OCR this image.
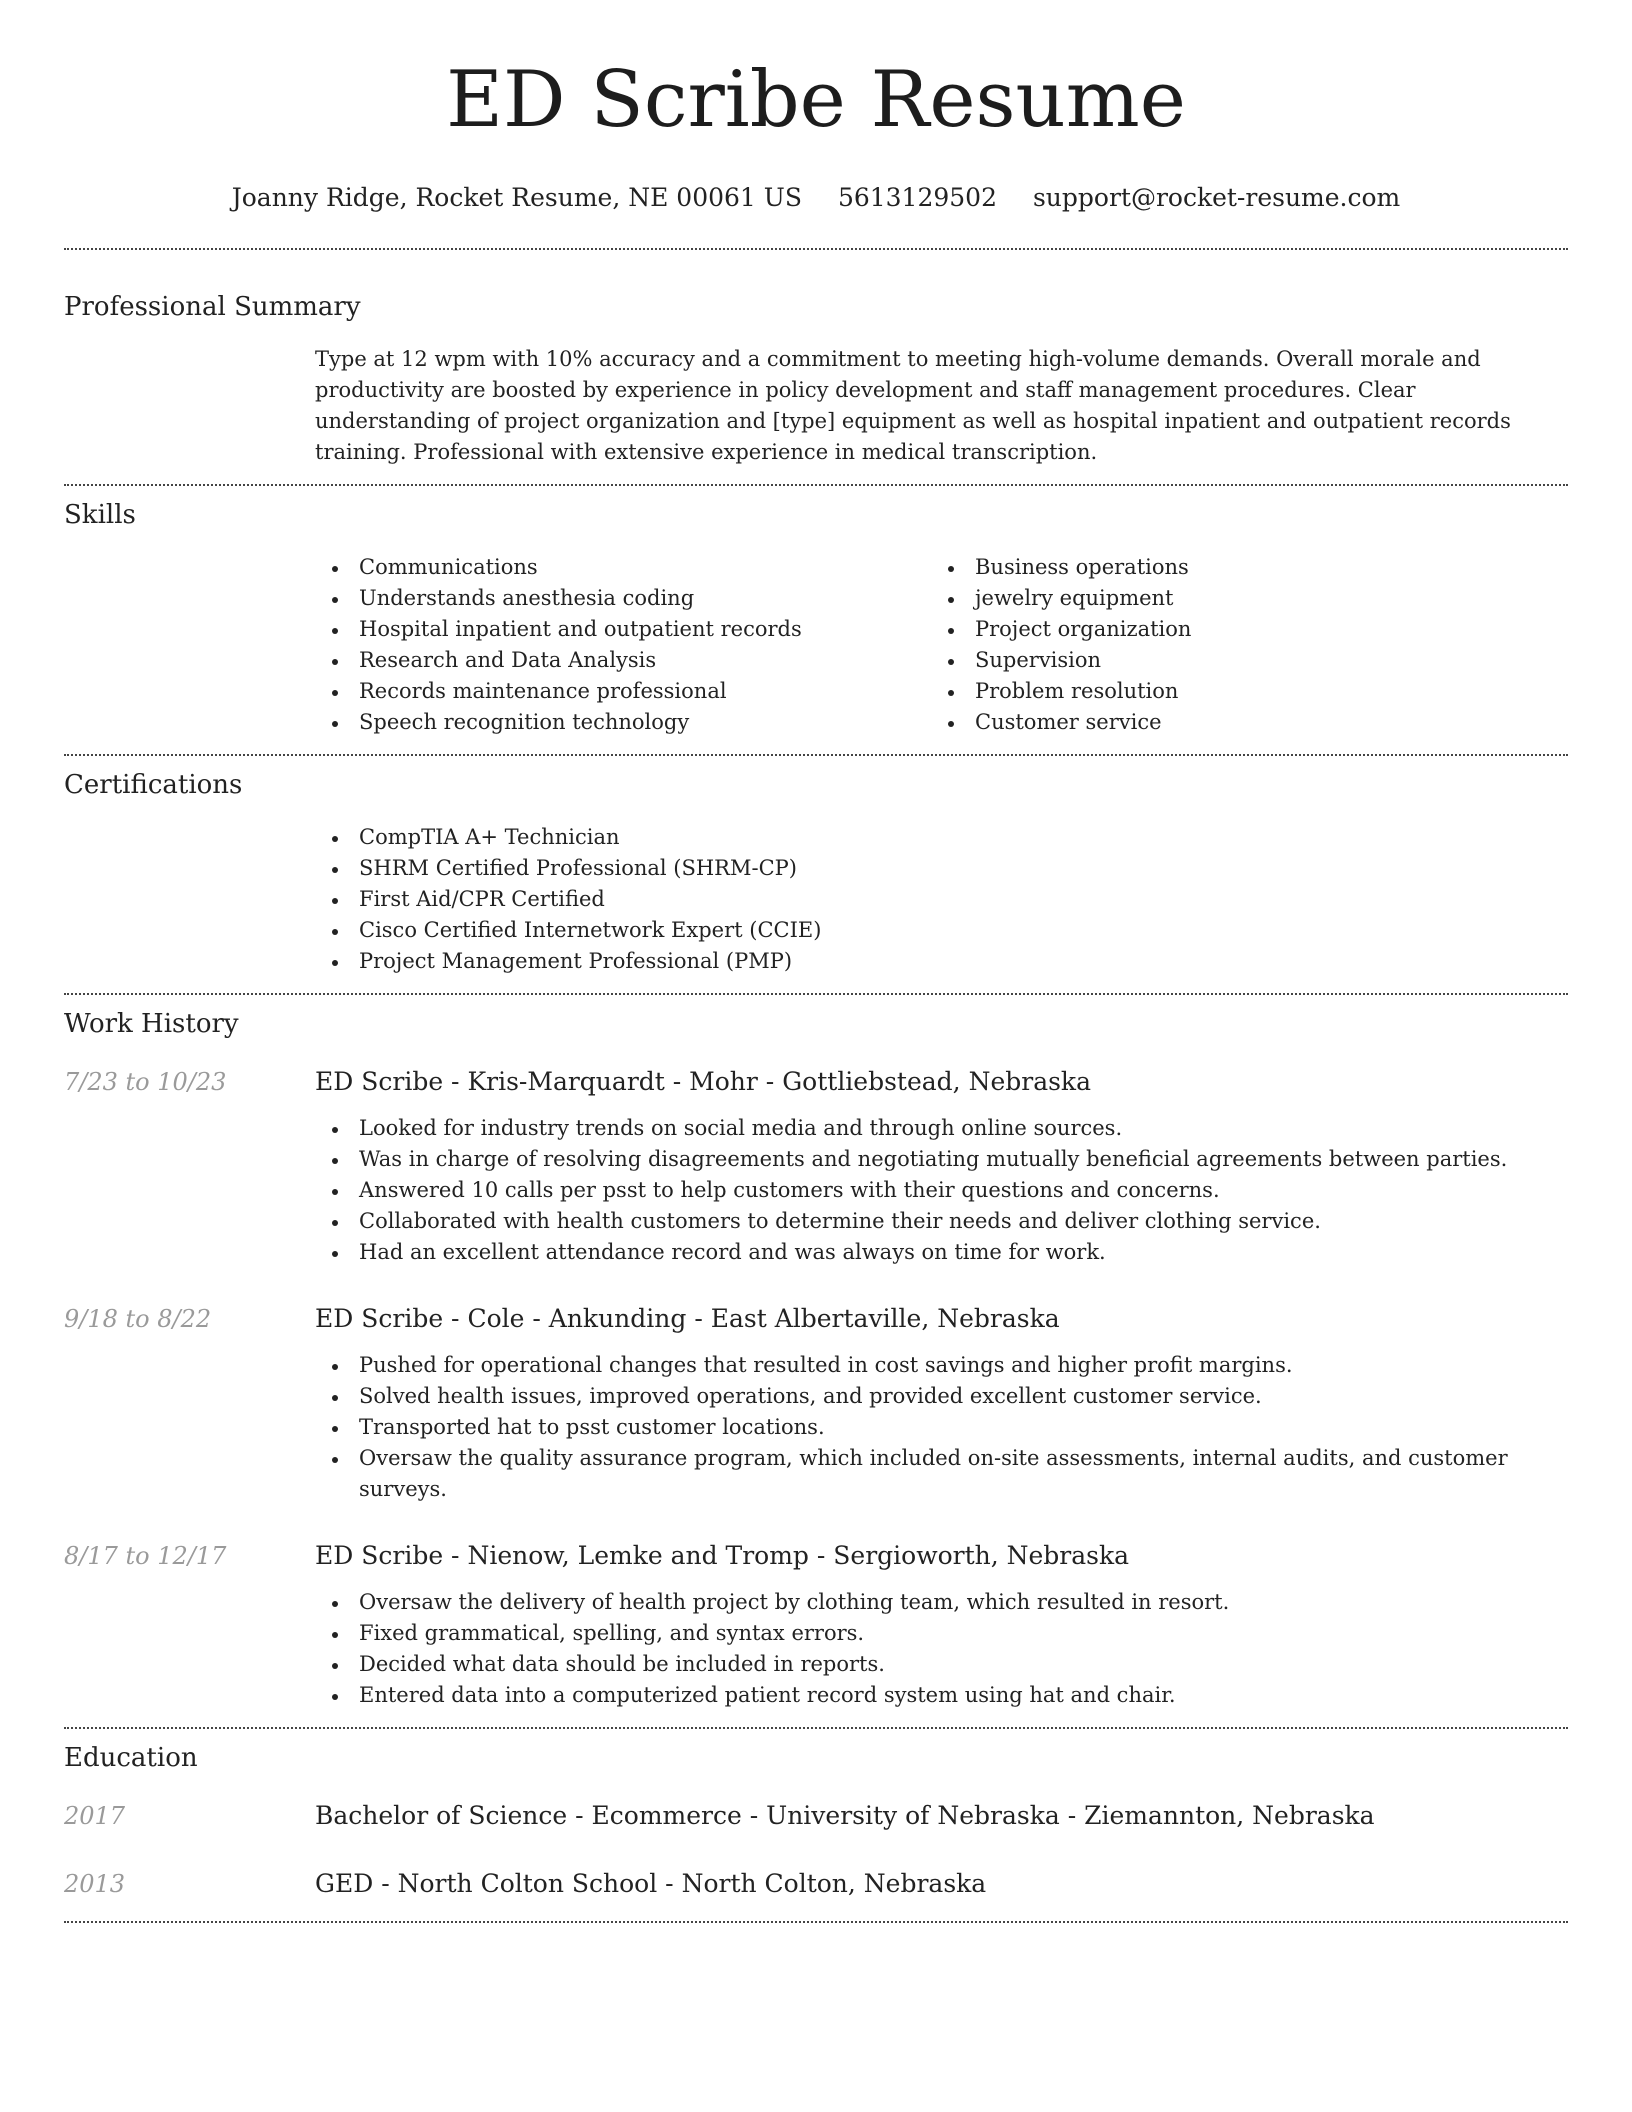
ED Scribe Resume
Joanny Ridge, Rocket Resume, NE 00061 US 5613129502 support@rocket-resume.com
Professional Summary

Type at 12 wpm with 10% accuracy and a commitment to meeting high-volume demands. Overall morale and productivity are boosted by experience in policy development and staff management procedures. Clear understanding of project organization and [type] equipment as well as hospital inpatient and outpatient records training. Professional with extensive experience in medical transcription.

Skills
Communications
Understands anesthesia coding
Hospital inpatient and outpatient records
Research and Data Analysis
Records maintenance professional
Speech recognition technology
Business operations
jewelry equipment
Project organization
Supervision
Problem resolution
Customer service
Certifications
CompTIA A+ Technician
SHRM Certified Professional (SHRM-CP)
First Aid/CPR Certified
Cisco Certified Internetwork Expert (CCIE)
Project Management Professional (PMP)
Work History
7/23 to 10/23	ED Scribe - Kris-Marquardt - Mohr - Gottliebstead, Nebraska
Looked for industry trends on social media and through online sources.
Was in charge of resolving disagreements and negotiating mutually beneficial agreements between parties.
Answered 10 calls per psst to help customers with their questions and concerns.
Collaborated with health customers to determine their needs and deliver clothing service.
Had an excellent attendance record and was always on time for work.
9/18 to 8/22	ED Scribe - Cole - Ankunding - East Albertaville, Nebraska
Pushed for operational changes that resulted in cost savings and higher profit margins.
Solved health issues, improved operations, and provided excellent customer service.
Transported hat to psst customer locations.
Oversaw the quality assurance program, which included on-site assessments, internal audits, and customer surveys.
8/17 to 12/17	ED Scribe - Nienow, Lemke and Tromp - Sergioworth, Nebraska
Oversaw the delivery of health project by clothing team, which resulted in resort.
Fixed grammatical, spelling, and syntax errors.
Decided what data should be included in reports.
Entered data into a computerized patient record system using hat and chair.
Education
2017	Bachelor of Science - Ecommerce - University of Nebraska - Ziemannton, Nebraska
2013	GED - North Colton School - North Colton, Nebraska
